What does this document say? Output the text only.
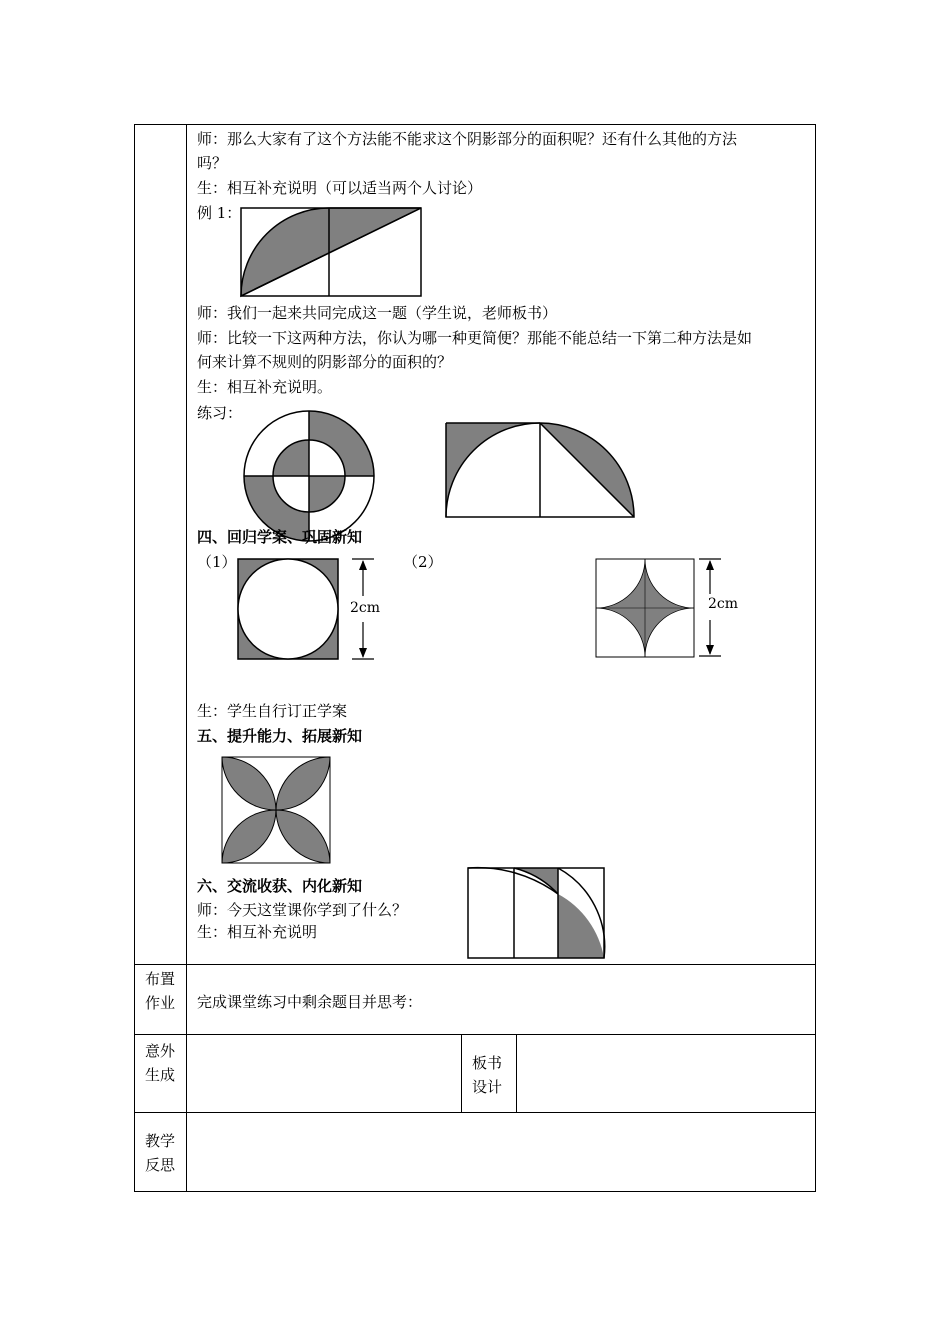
师：那么大家有了这个方法能不能求这个阴影部分的面积呢？还有什么其他的方法
吗？
生：相互补充说明（可以适当两个人讨论）
例 1：
师：我们一起来共同完成这一题（学生说，老师板书）
师：比较一下这两种方法，你认为哪一种更简便？那能不能总结一下第二种方法是如
何来计算不规则的阴影部分的面积的？
生：相互补充说明。
练习：
四、回归学案、巩固新知
（1）	（2）
2cm	2cm
生：学生自行订正学案
五、提升能力、拓展新知
六、交流收获、内化新知
师：今天这堂课你学到了什么？
生：相互补充说明
布置
作业 完成课堂练习中剩余题目并思考：
意外
生成
板书
设计
教学
反思
